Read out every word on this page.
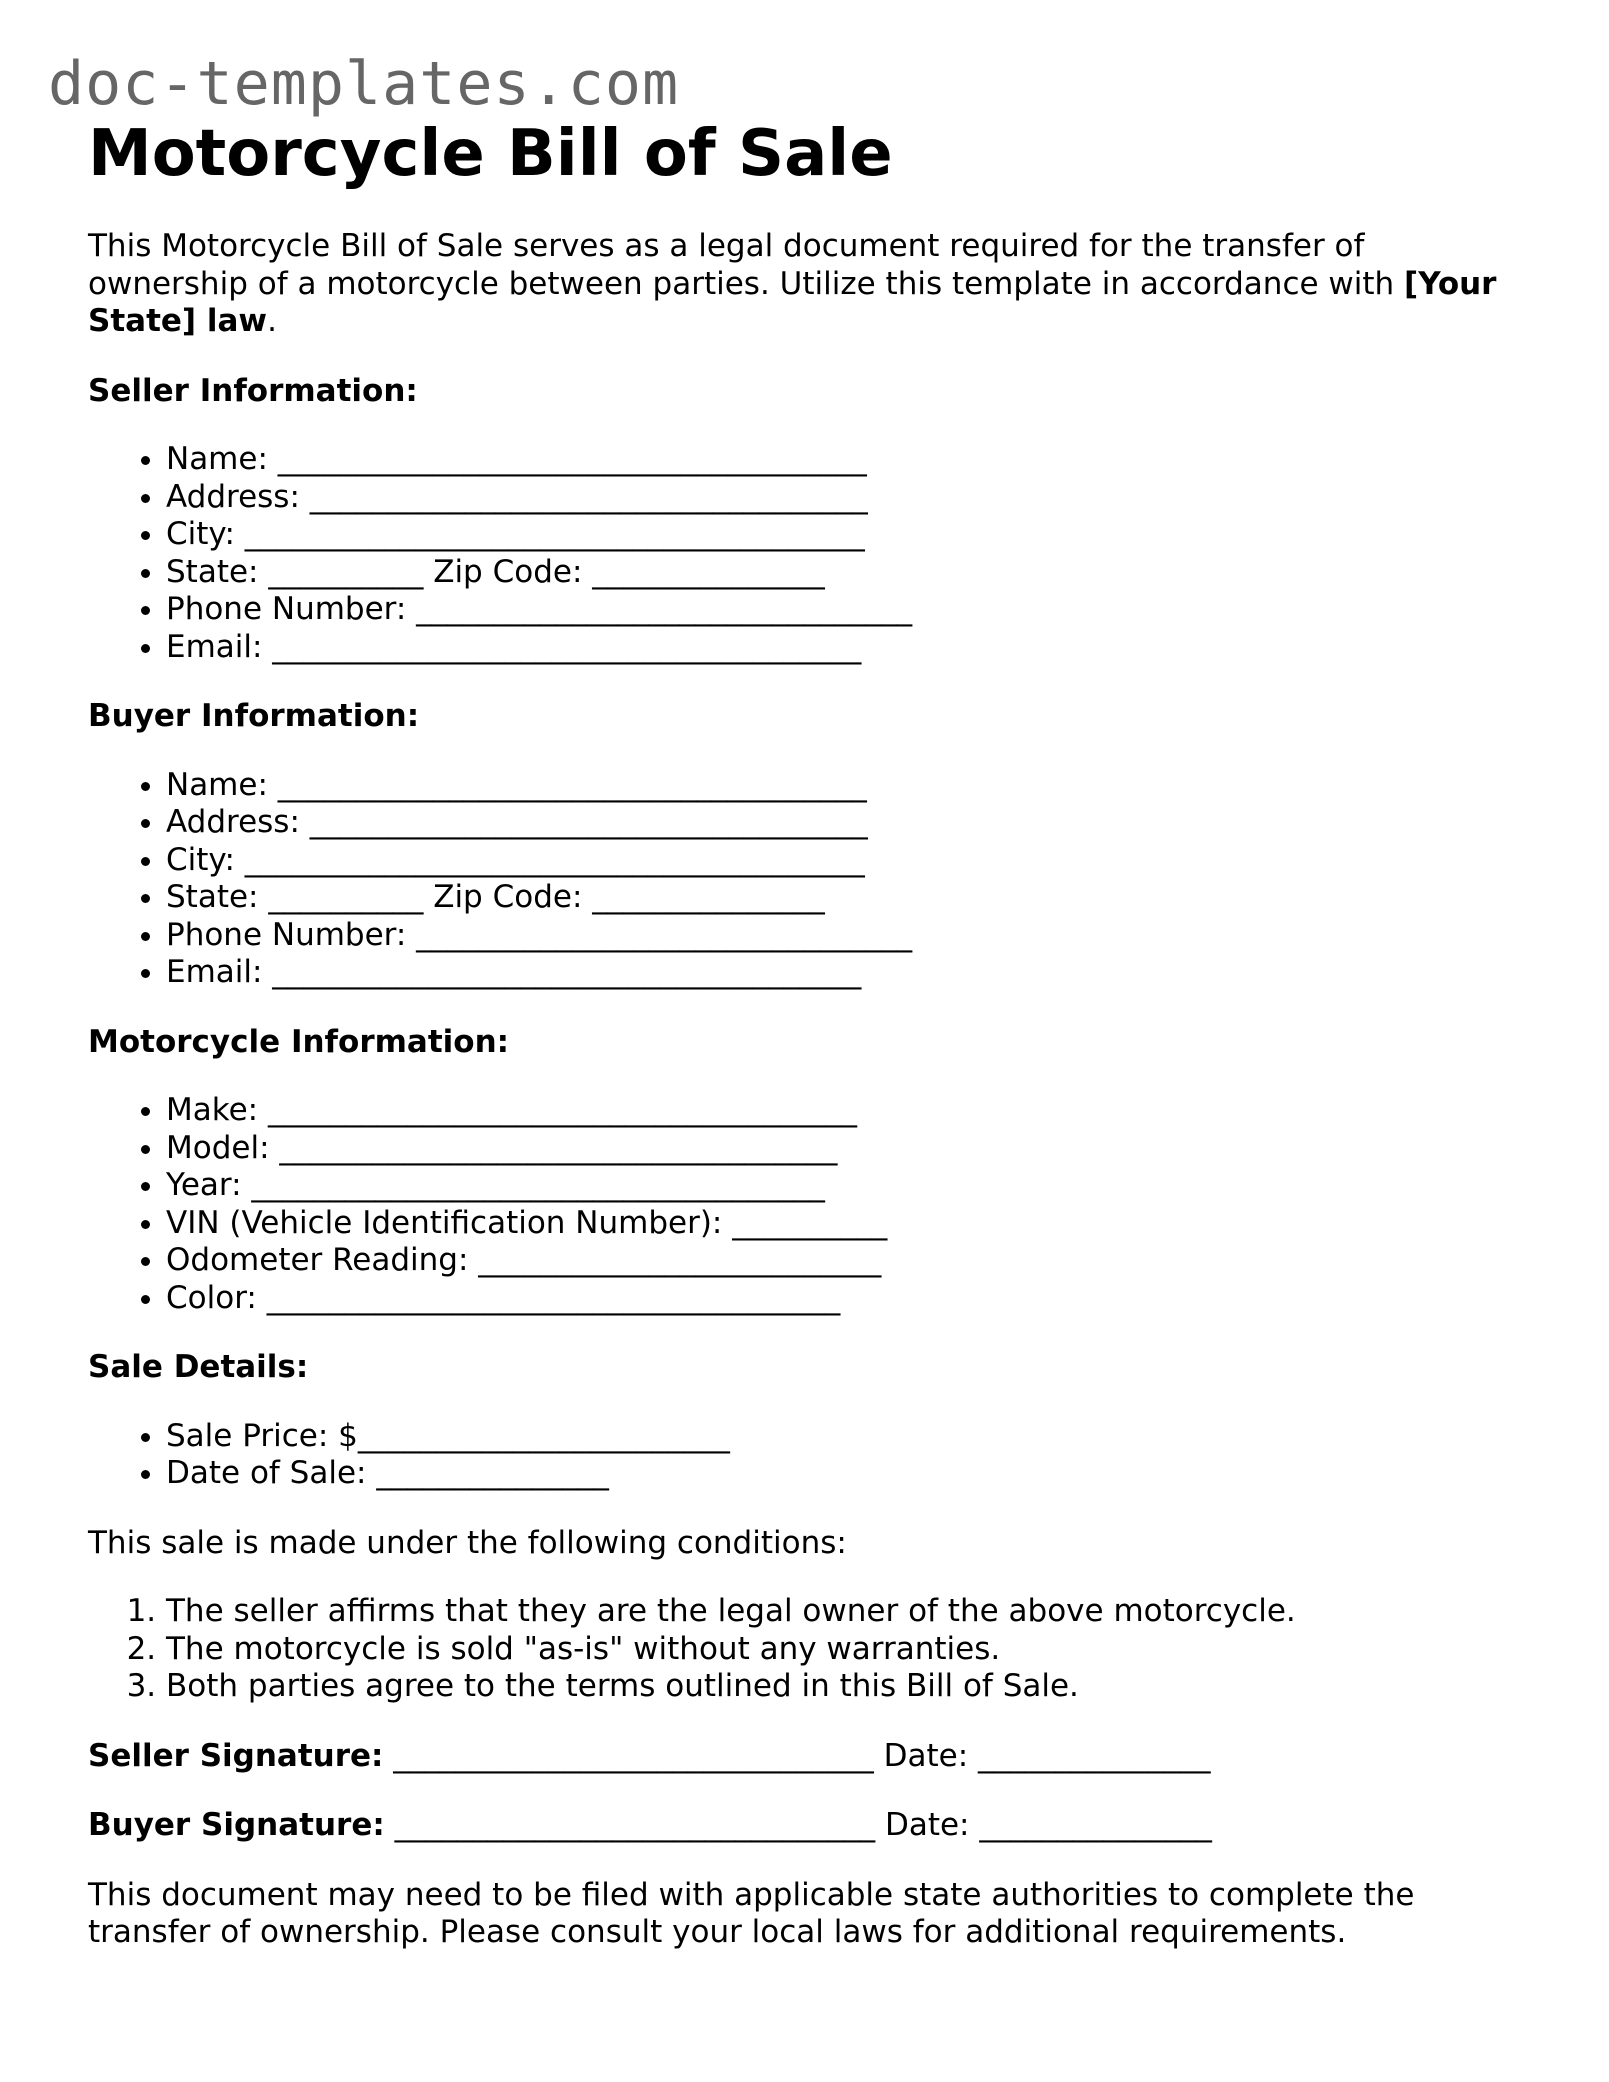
doc-templates.com
Motorcycle Bill of Sale

This Motorcycle Bill of Sale serves as a legal document required for the transfer of ownership of a motorcycle between parties. Utilize this template in accordance with [Your State] law.

Seller Information:
• Name: ______________________________________
• Address: ____________________________________
• City: ________________________________________
• State: __________ Zip Code: _______________
• Phone Number: ________________________________
• Email: ______________________________________
Buyer Information:
• Name: ______________________________________
• Address: ____________________________________
• City: ________________________________________
• State: __________ Zip Code: _______________
• Phone Number: ________________________________
• Email: ______________________________________
Motorcycle Information:
• Make: ______________________________________
• Model: ____________________________________
• Year: _____________________________________
• VIN (Vehicle Identification Number): __________
• Odometer Reading: __________________________
• Color: _____________________________________
Sale Details:
• Sale Price: $________________________
• Date of Sale: _______________

This sale is made under the following conditions:

1. The seller affirms that they are the legal owner of the above motorcycle.
2. The motorcycle is sold "as-is" without any warranties.
3. Both parties agree to the terms outlined in this Bill of Sale.
Seller Signature: _______________________________ Date: _______________
Buyer Signature: _______________________________ Date: _______________

This document may need to be filed with applicable state authorities to complete the transfer of ownership. Please consult your local laws for additional requirements.
